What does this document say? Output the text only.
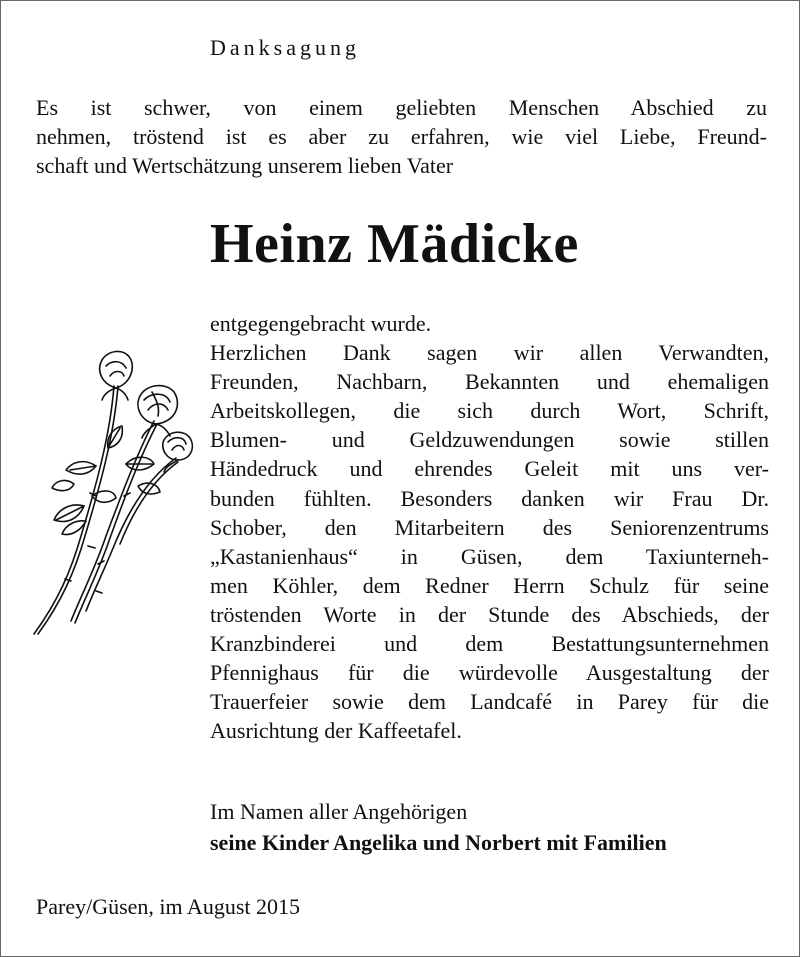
Danksagung
Es ist schwer, von einem geliebten Menschen Abschied zu
nehmen, tröstend ist es aber zu erfahren, wie viel Liebe, Freund-
schaft und Wertschätzung unserem lieben Vater
Heinz Mädicke
entgegengebracht wurde.
Herzlichen Dank sagen wir allen Verwandten,
Freunden, Nachbarn, Bekannten und ehemaligen
Arbeitskollegen, die sich durch Wort, Schrift,
Blumen- und Geldzuwendungen sowie stillen
Händedruck und ehrendes Geleit mit uns ver-
bunden fühlten. Besonders danken wir Frau Dr.
Schober, den Mitarbeitern des Seniorenzentrums
„Kastanienhaus“ in Güsen, dem Taxiunterneh-
men Köhler, dem Redner Herrn Schulz für seine
tröstenden Worte in der Stunde des Abschieds, der
Kranzbinderei und dem Bestattungsunternehmen
Pfennighaus für die würdevolle Ausgestaltung der
Trauerfeier sowie dem Landcafé in Parey für die
Ausrichtung der Kaffeetafel.
Im Namen aller Angehörigen
seine Kinder Angelika und Norbert mit Familien
Parey/Güsen, im August 2015
